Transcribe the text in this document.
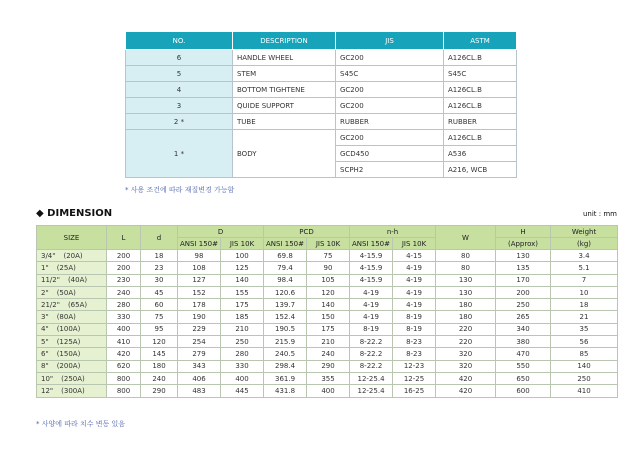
NO.	DESCRIPTION	JIS	ASTM
6	HANDLE WHEEL	GC200	A126CL.B
5	STEM	S45C	S45C
4	BOTTOM TIGHTENE	GC200	A126CL.B
3	QUIDE SUPPORT	GC200	A126CL.B
2 *	TUBE	RUBBER	RUBBER
1 *	BODY	GC200	A126CL.B
		GCD450	A536
		SCPH2	A216, WCB
* 사용 조건에 따라 재질변경 가능함
◆ DIMENSION	unit : mm
SIZE	L	d	D		PCD		n-h		W	H	Weight
			ANSI 150#	JIS 10K	ANSI 150#	JIS 10K	ANSI 150#	JIS 10K		(Approx)	(kg)
3/4" (20A)	200	18	98	100	69.8	75	4-15.9	4-15	80	130	3.4
1" (25A)	200	23	108	125	79.4	90	4-15.9	4-19	80	135	5.1
11/2" (40A)	230	30	127	140	98.4	105	4-15.9	4-19	130	170	7
2" (50A)	240	45	152	155	120.6	120	4-19	4-19	130	200	10
21/2" (65A)	280	60	178	175	139.7	140	4-19	4-19	180	250	18
3" (80A)	330	75	190	185	152.4	150	4-19	8-19	180	265	21
4" (100A)	400	95	229	210	190.5	175	8-19	8-19	220	340	35
5" (125A)	410	120	254	250	215.9	210	8-22.2	8-23	220	380	56
6" (150A)	420	145	279	280	240.5	240	8-22.2	8-23	320	470	85
8" (200A)	620	180	343	330	298.4	290	8-22.2	12-23	320	550	140
10" (250A)	800	240	406	400	361.9	355	12-25.4	12-25	420	650	250
12" (300A)	800	290	483	445	431.8	400	12-25.4	16-25	420	600	410
* 사양에 따라 치수 변동 있음
